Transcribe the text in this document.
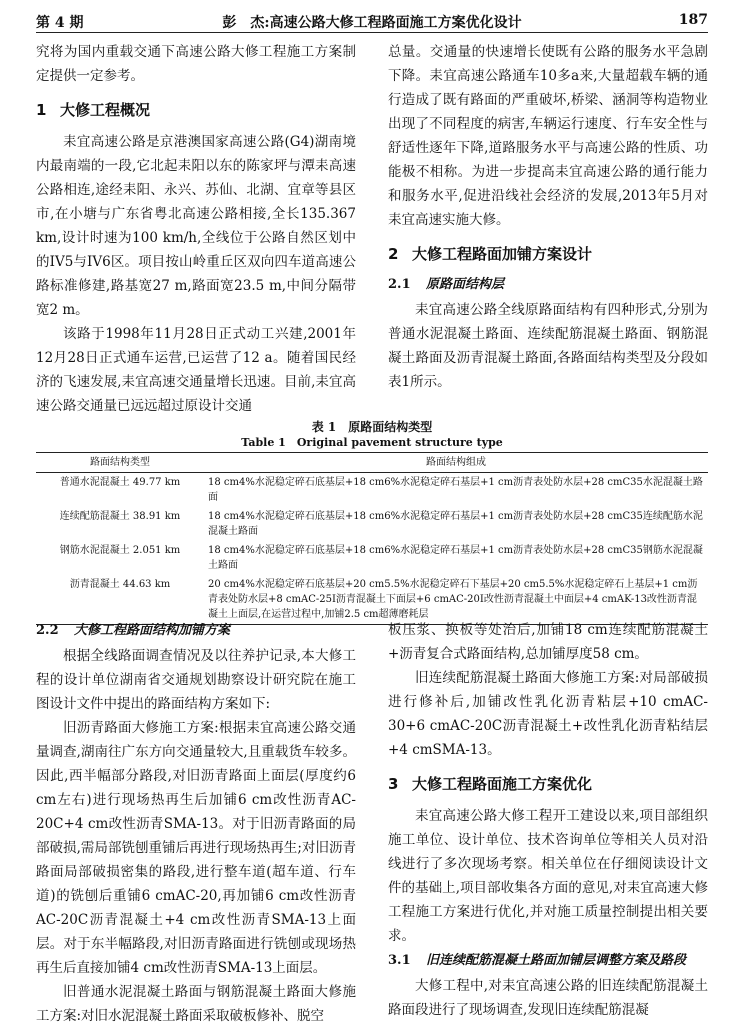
第 4 期	彭　杰:高速公路大修工程路面施工方案优化设计	187

究将为国内重载交通下高速公路大修工程施工方案制定提供一定参考。

1 大修工程概况

耒宜高速公路是京港澳国家高速公路(G4)湖南境内最南端的一段,它北起耒阳以东的陈家坪与潭耒高速公路相连,途经耒阳、永兴、苏仙、北湖、宜章等县区市,在小塘与广东省粤北高速公路相接,全长135.367 km,设计时速为100 km/h,全线位于公路自然区划中的IV5与IV6区。项目按山岭重丘区双向四车道高速公路标准修建,路基宽27 m,路面宽23.5 m,中间分隔带宽2 m。

该路于1998年11月28日正式动工兴建,2001年12月28日正式通车运营,已运营了12 a。随着国民经济的飞速发展,耒宜高速交通量增长迅速。目前,耒宜高速公路交通量已远远超过原设计交通

总量。交通量的快速增长使既有公路的服务水平急剧下降。耒宜高速公路通车10多a来,大量超载车辆的通行造成了既有路面的严重破坏,桥梁、涵洞等构造物业出现了不同程度的病害,车辆运行速度、行车安全性与舒适性逐年下降,道路服务水平与高速公路的性质、功能极不相称。为进一步提高耒宜高速公路的通行能力和服务水平,促进沿线社会经济的发展,2013年5月对耒宜高速实施大修。

2 大修工程路面加铺方案设计
2.1 原路面结构层

耒宜高速公路全线原路面结构有四种形式,分别为普通水泥混凝土路面、连续配筋混凝土路面、钢筋混凝土路面及沥青混凝土路面,各路面结构类型及分段如表1所示。

表 1　原路面结构类型
Table 1　Original pavement structure type
路面结构类型	路面结构组成
普通水泥混凝土 49.77 km	18 cm4%水泥稳定碎石底基层+18 cm6%水泥稳定碎石基层+1 cm沥青表处防水层+28 cmC35水泥混凝土路面
连续配筋混凝土 38.91 km	18 cm4%水泥稳定碎石底基层+18 cm6%水泥稳定碎石基层+1 cm沥青表处防水层+28 cmC35连续配筋水泥混凝土路面
钢筋水泥混凝土 2.051 km	18 cm4%水泥稳定碎石底基层+18 cm6%水泥稳定碎石基层+1 cm沥青表处防水层+28 cmC35钢筋水泥混凝土路面
沥青混凝土 44.63 km	20 cm4%水泥稳定碎石底基层+20 cm5.5%水泥稳定碎石下基层+20 cm5.5%水泥稳定碎石上基层+1 cm沥青表处防水层+8 cmAC-25I沥青混凝土下面层+6 cmAC-20I改性沥青混凝土中面层+4 cmAK-13改性沥青混凝土上面层,在运营过程中,加铺2.5 cm超薄磨耗层
2.2 大修工程路面结构加铺方案

根据全线路面调查情况及以往养护记录,本大修工程的设计单位湖南省交通规划勘察设计研究院在施工图设计文件中提出的路面结构方案如下:

旧沥青路面大修施工方案:根据耒宜高速公路交通量调查,湖南往广东方向交通量较大,且重载货车较多。因此,西半幅部分路段,对旧沥青路面上面层(厚度约6 cm左右)进行现场热再生后加铺6 cm改性沥青AC-20C+4 cm改性沥青SMA-13。对于旧沥青路面的局部破损,需局部铣刨重铺后再进行现场热再生;对旧沥青路面局部破损密集的路段,进行整车道(超车道、行车道)的铣刨后重铺6 cmAC-20,再加铺6 cm改性沥青AC-20C沥青混凝土+4 cm改性沥青SMA-13上面层。对于东半幅路段,对旧沥青路面进行铣刨或现场热再生后直接加铺4 cm改性沥青SMA-13上面层。

旧普通水泥混凝土路面与钢筋混凝土路面大修施工方案:对旧水泥混凝土路面采取破板修补、脱空

板压浆、换板等处治后,加铺18 cm连续配筋混凝土+沥青复合式路面结构,总加铺厚度58 cm。

旧连续配筋混凝土路面大修施工方案:对局部破损进行修补后,加铺改性乳化沥青粘层+10 cmAC-30+6 cmAC-20C沥青混凝土+改性乳化沥青粘结层+4 cmSMA-13。

3 大修工程路面施工方案优化

耒宜高速公路大修工程开工建设以来,项目部组织施工单位、设计单位、技术咨询单位等相关人员对沿线进行了多次现场考察。相关单位在仔细阅读设计文件的基础上,项目部收集各方面的意见,对耒宜高速大修工程施工方案进行优化,并对施工质量控制提出相关要求。

3.1 旧连续配筋混凝土路面加铺层调整方案及路段

大修工程中,对耒宜高速公路的旧连续配筋混凝土路面段进行了现场调查,发现旧连续配筋混凝
